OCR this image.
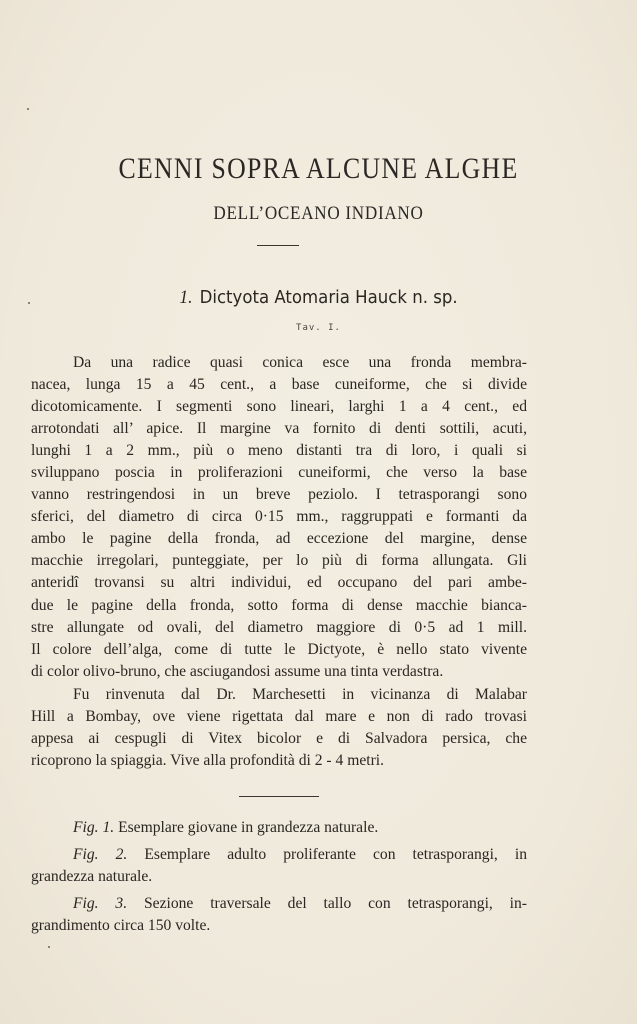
CENNI SOPRA ALCUNE ALGHE
DELL’OCEANO INDIANO
1. Dictyota Atomaria Hauck n. sp.
Tav. I.
Da una radice quasi conica esce una fronda membra-
nacea, lunga 15 a 45 cent., a base cuneiforme, che si divide
dicotomicamente. I segmenti sono lineari, larghi 1 a 4 cent., ed
arrotondati all’ apice. Il margine va fornito di denti sottili, acuti,
lunghi 1 a 2 mm., più o meno distanti tra di loro, i quali si
sviluppano poscia in proliferazioni cuneiformi, che verso la base
vanno restringendosi in un breve peziolo. I tetrasporangi sono
sferici, del diametro di circa 0·15 mm., raggruppati e formanti da
ambo le pagine della fronda, ad eccezione del margine, dense
macchie irregolari, punteggiate, per lo più di forma allungata. Gli
anteridî trovansi su altri individui, ed occupano del pari ambe-
due le pagine della fronda, sotto forma di dense macchie bianca-
stre allungate od ovali, del diametro maggiore di 0·5 ad 1 mill.
Il colore dell’alga, come di tutte le Dictyote, è nello stato vivente
di color olivo-bruno, che asciugandosi assume una tinta verdastra.
Fu rinvenuta dal Dr. Marchesetti in vicinanza di Malabar
Hill a Bombay, ove viene rigettata dal mare e non di rado trovasi
appesa ai cespugli di Vitex bicolor e di Salvadora persica, che
ricoprono la spiaggia. Vive alla profondità di 2 - 4 metri.
Fig. 1. Esemplare giovane in grandezza naturale.
Fig. 2. Esemplare adulto proliferante con tetrasporangi, in
grandezza naturale.
Fig. 3. Sezione traversale del tallo con tetrasporangi, in-
grandimento circa 150 volte.
